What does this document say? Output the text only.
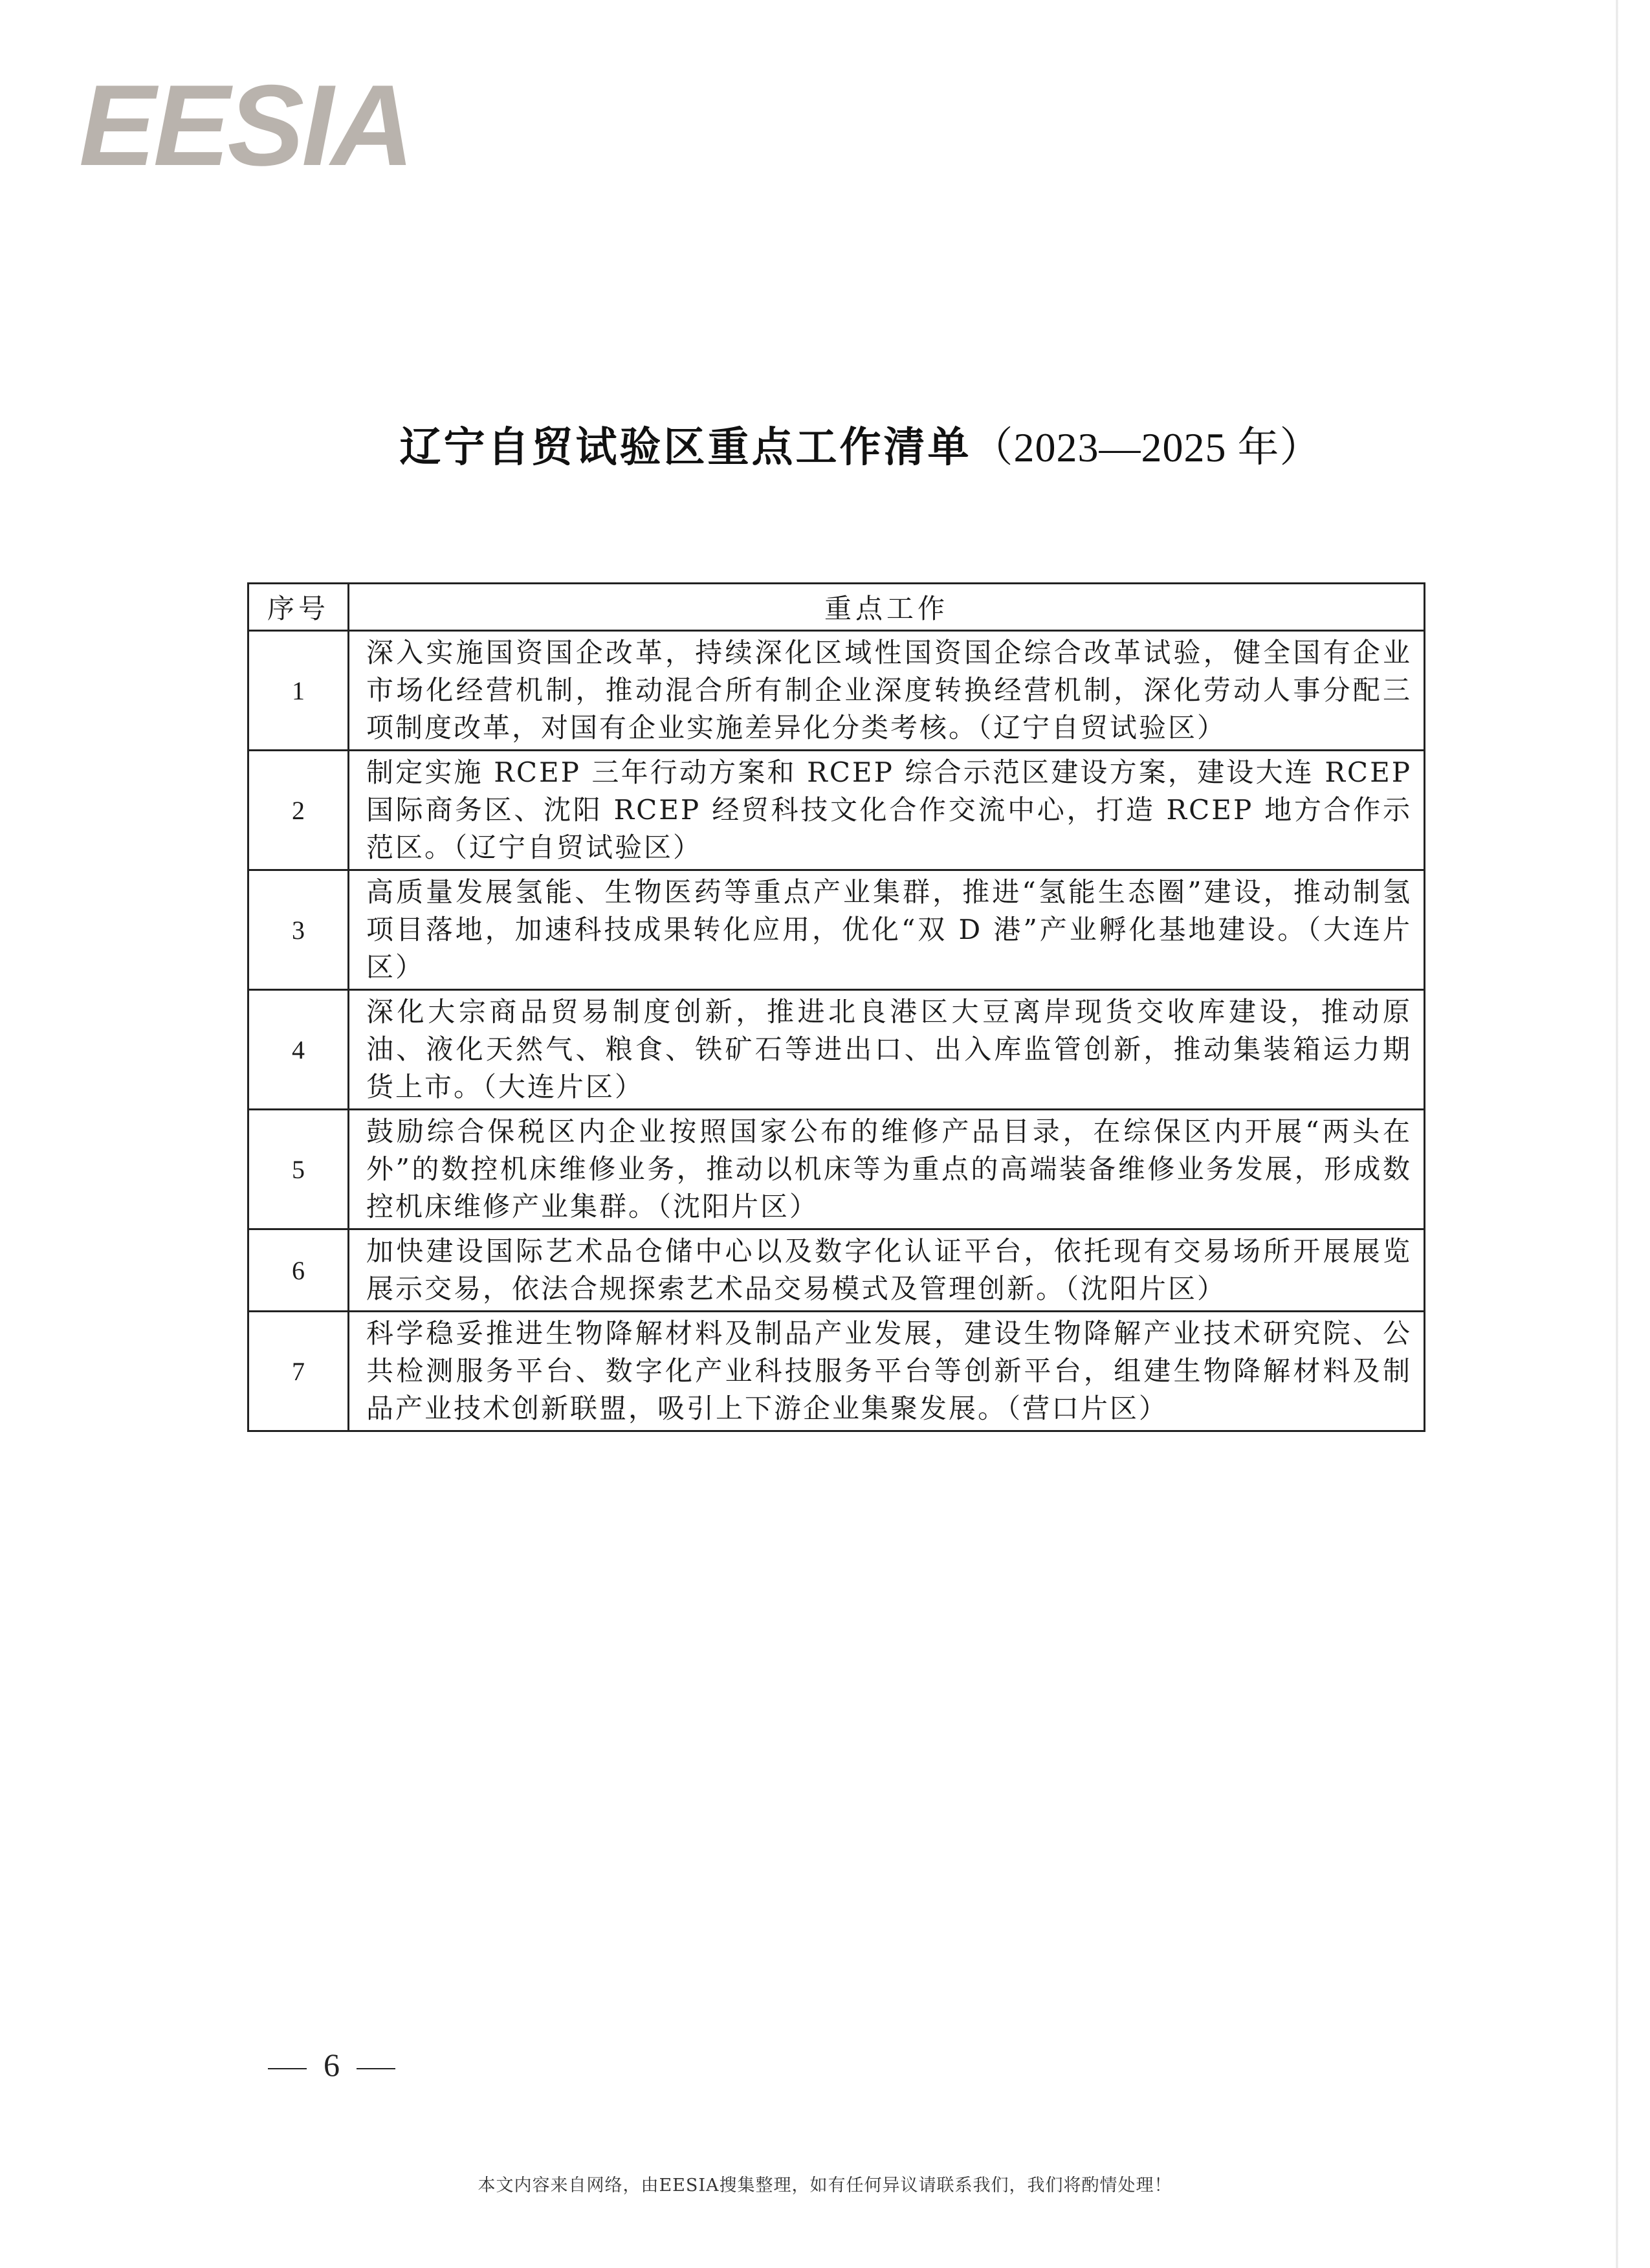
EESIA
辽宁自贸试验区重点工作清单（2023—2025 年）
序号	重点工作
1	深入实施国资国企改革，持续深化区域性国资国企综合改革试验，健全国有企业市场化经营机制，推动混合所有制企业深度转换经营机制，深化劳动人事分配三项制度改革，对国有企业实施差异化分类考核。（辽宁自贸试验区）
2	制定实施 RCEP 三年行动方案和 RCEP 综合示范区建设方案，建设大连 RCEP 国际商务区、沈阳 RCEP 经贸科技文化合作交流中心，打造 RCEP 地方合作示范区。（辽宁自贸试验区）
3	高质量发展氢能、生物医药等重点产业集群，推进“氢能生态圈”建设，推动制氢项目落地，加速科技成果转化应用，优化“双 D 港”产业孵化基地建设。（大连片区）
4	深化大宗商品贸易制度创新，推进北良港区大豆离岸现货交收库建设，推动原油、液化天然气、粮食、铁矿石等进出口、出入库监管创新，推动集装箱运力期货上市。（大连片区）
5	鼓励综合保税区内企业按照国家公布的维修产品目录，在综保区内开展“两头在外”的数控机床维修业务，推动以机床等为重点的高端装备维修业务发展，形成数控机床维修产业集群。（沈阳片区）
6	加快建设国际艺术品仓储中心以及数字化认证平台，依托现有交易场所开展展览展示交易，依法合规探索艺术品交易模式及管理创新。（沈阳片区）
7	科学稳妥推进生物降解材料及制品产业发展，建设生物降解产业技术研究院、公共检测服务平台、数字化产业科技服务平台等创新平台，组建生物降解材料及制品产业技术创新联盟，吸引上下游企业集聚发展。（营口片区）
6
本文内容来自网络，由EESIA搜集整理，如有任何异议请联系我们，我们将酌情处理！
